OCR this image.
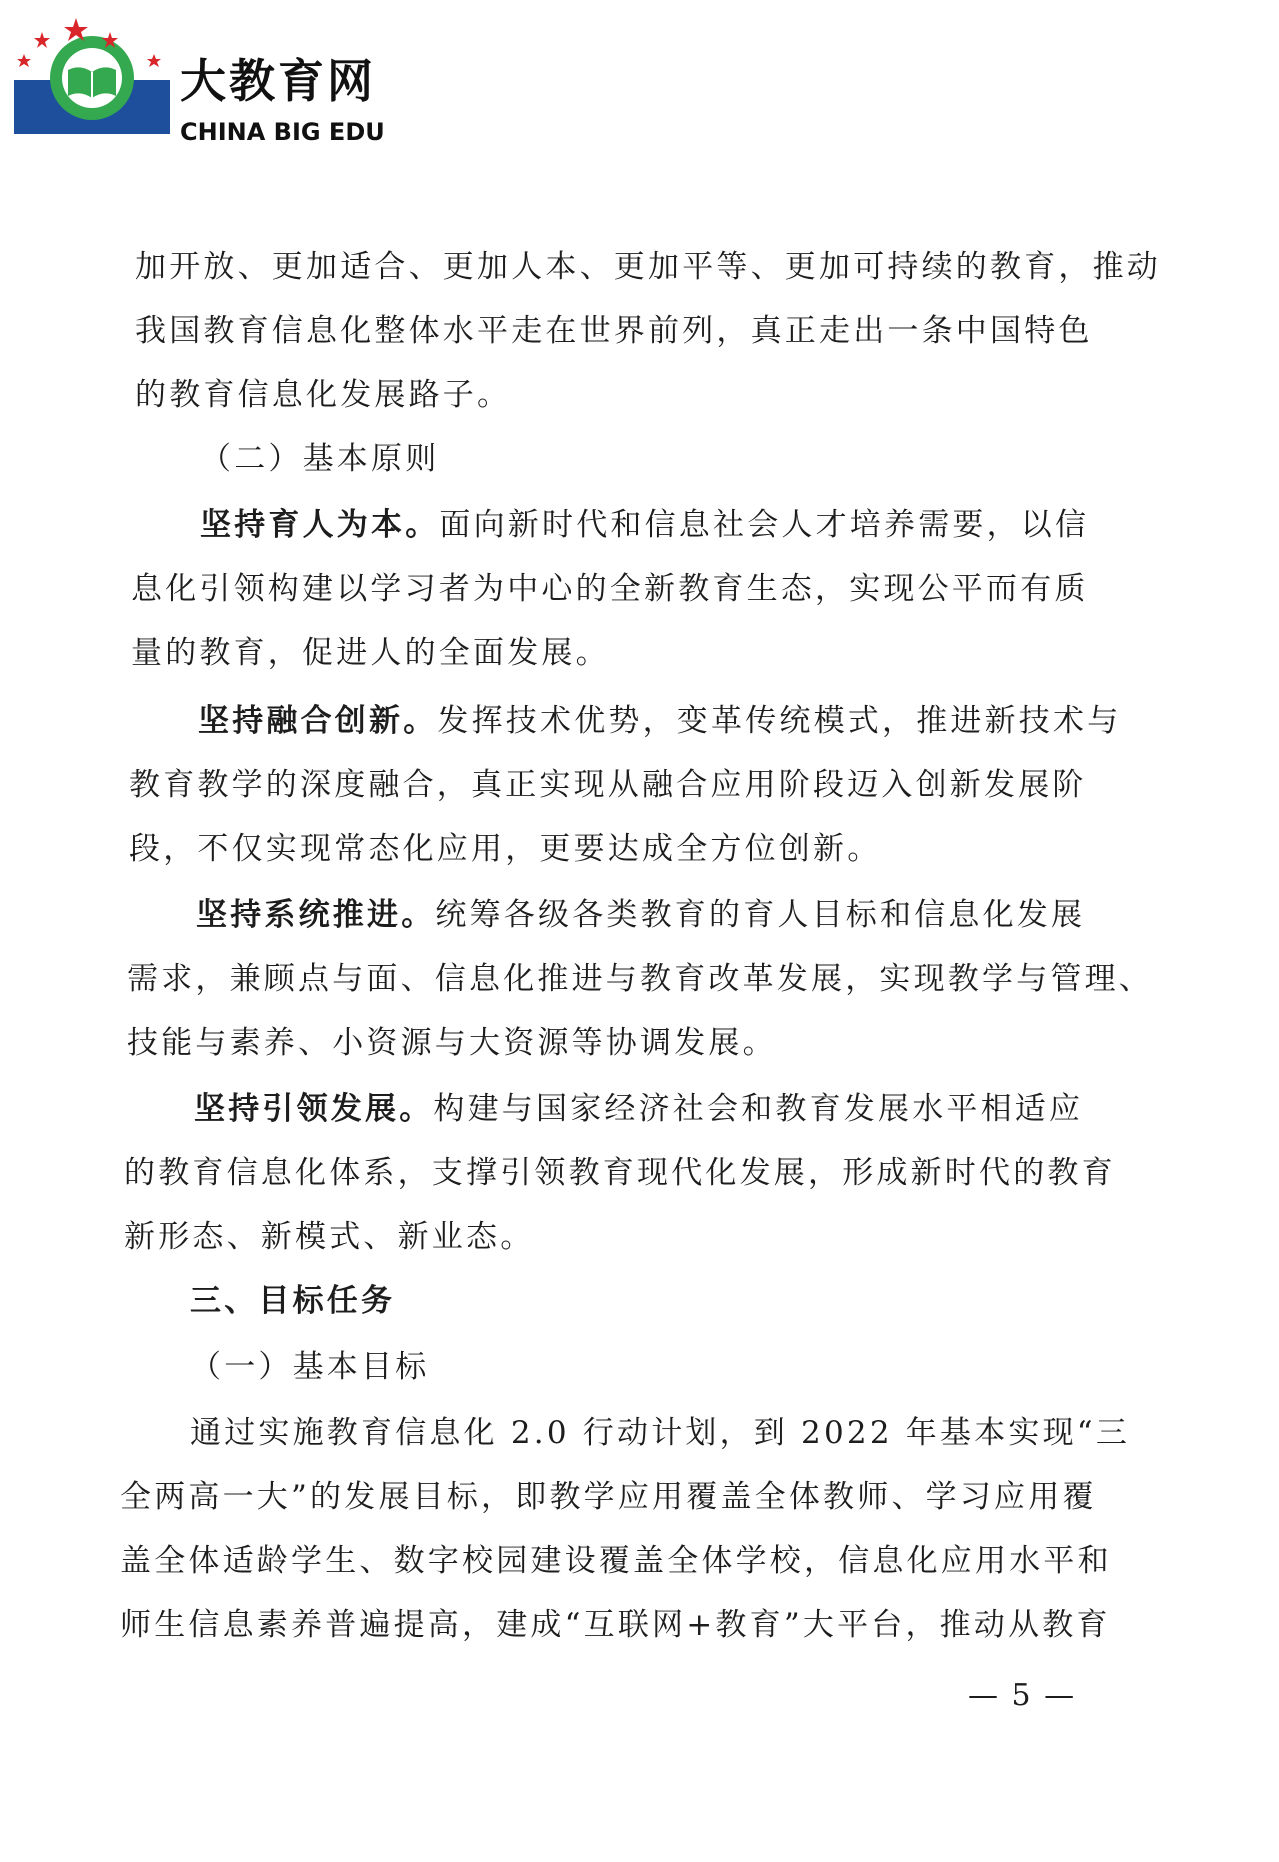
大教育网
CHINA BIG EDU
加开放、更加适合、更加人本、更加平等、更加可持续的教育，推动
我国教育信息化整体水平走在世界前列，真正走出一条中国特色
的教育信息化发展路子。
（二）基本原则
坚持育人为本。面向新时代和信息社会人才培养需要，以信
息化引领构建以学习者为中心的全新教育生态，实现公平而有质
量的教育，促进人的全面发展。
坚持融合创新。发挥技术优势，变革传统模式，推进新技术与
教育教学的深度融合，真正实现从融合应用阶段迈入创新发展阶
段，不仅实现常态化应用，更要达成全方位创新。
坚持系统推进。统筹各级各类教育的育人目标和信息化发展
需求，兼顾点与面、信息化推进与教育改革发展，实现教学与管理、
技能与素养、小资源与大资源等协调发展。
坚持引领发展。构建与国家经济社会和教育发展水平相适应
的教育信息化体系，支撑引领教育现代化发展，形成新时代的教育
新形态、新模式、新业态。
三、目标任务
（一）基本目标
通过实施教育信息化 2.0 行动计划，到 2022 年基本实现“三
全两高一大”的发展目标，即教学应用覆盖全体教师、学习应用覆
盖全体适龄学生、数字校园建设覆盖全体学校，信息化应用水平和
师生信息素养普遍提高，建成“互联网+教育”大平台，推动从教育
— 5 —
